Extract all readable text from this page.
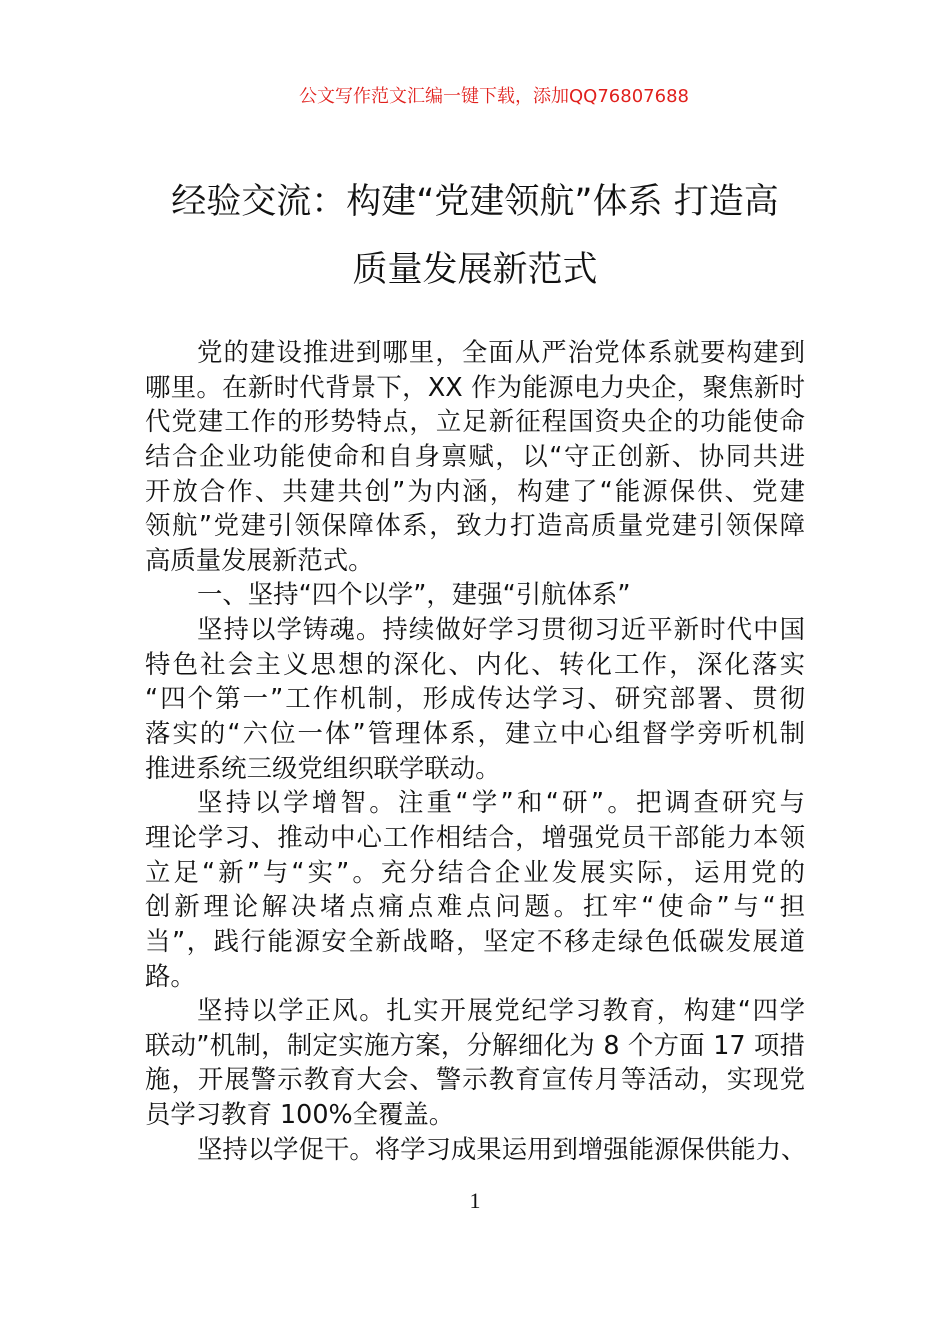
公文写作范文汇编一键下载，添加QQ76807688
经验交流：构建“党建领航”体系 打造高
质量发展新范式
党的建设推进到哪里，全面从严治党体系就要构建到
哪里。在新时代背景下，XX 作为能源电力央企，聚焦新时
代党建工作的形势特点，立足新征程国资央企的功能使命
结合企业功能使命和自身禀赋，以“守正创新、协同共进
开放合作、共建共创”为内涵，构建了“能源保供、党建
领航”党建引领保障体系，致力打造高质量党建引领保障
高质量发展新范式。
一、坚持“四个以学”，建强“引航体系”
坚持以学铸魂。持续做好学习贯彻习近平新时代中国
特色社会主义思想的深化、内化、转化工作，深化落实
“四个第一”工作机制，形成传达学习、研究部署、贯彻
落实的“六位一体”管理体系，建立中心组督学旁听机制
推进系统三级党组织联学联动。
坚持以学增智。注重“学”和“研”。把调查研究与
理论学习、推动中心工作相结合，增强党员干部能力本领
立足“新”与“实”。充分结合企业发展实际，运用党的
创新理论解决堵点痛点难点问题。扛牢“使命”与“担
当”，践行能源安全新战略，坚定不移走绿色低碳发展道
路。
坚持以学正风。扎实开展党纪学习教育，构建“四学
联动”机制，制定实施方案，分解细化为 8 个方面 17 项措
施，开展警示教育大会、警示教育宣传月等活动，实现党
员学习教育 100%全覆盖。
坚持以学促干。将学习成果运用到增强能源保供能力、
1
